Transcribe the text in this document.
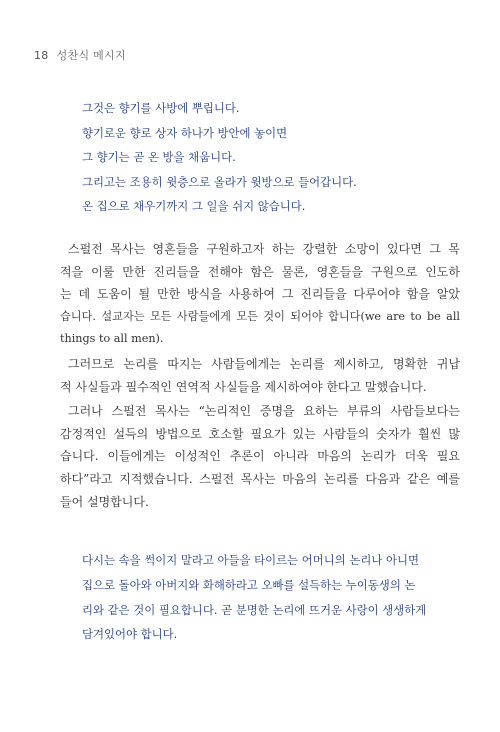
18 성찬식 메시지
그것은 향기를 사방에 뿌립니다.
향기로운 향로 상자 하나가 방안에 놓이면
그 향기는 곧 온 방을 채웁니다.
그리고는 조용히 윗층으로 올라가 윗방으로 들어갑니다.
온 집으로 채우기까지 그 일을 쉬지 않습니다.
스펄전 목사는 영혼들을 구원하고자 하는 강렬한 소망이 있다면 그 목
적을 이룰 만한 진리들을 전해야 함은 물론, 영혼들을 구원으로 인도하
는 데 도움이 될 만한 방식을 사용하여 그 진리들을 다루어야 함을 알았
습니다. 설교자는 모든 사람들에게 모든 것이 되어야 합니다(we are to be all
things to all men).
그러므로 논리를 따지는 사람들에게는 논리를 제시하고, 명확한 귀납
적 사실들과 필수적인 연역적 사실들을 제시하여야 한다고 말했습니다.
그러나 스펄전 목사는 “논리적인 증명을 요하는 부류의 사람들보다는
감정적인 설득의 방법으로 호소할 필요가 있는 사람들의 숫자가 훨씬 많
습니다. 이들에게는 이성적인 추론이 아니라 마음의 논리가 더욱 필요
하다”라고 지적했습니다. 스펄전 목사는 마음의 논리를 다음과 같은 예를
들어 설명합니다.
다시는 속을 썩이지 말라고 아들을 타이르는 어머니의 논리나 아니면
집으로 돌아와 아버지와 화해하라고 오빠를 설득하는 누이동생의 논
리와 같은 것이 필요합니다. 곧 분명한 논리에 뜨거운 사랑이 생생하게
담겨있어야 합니다.
